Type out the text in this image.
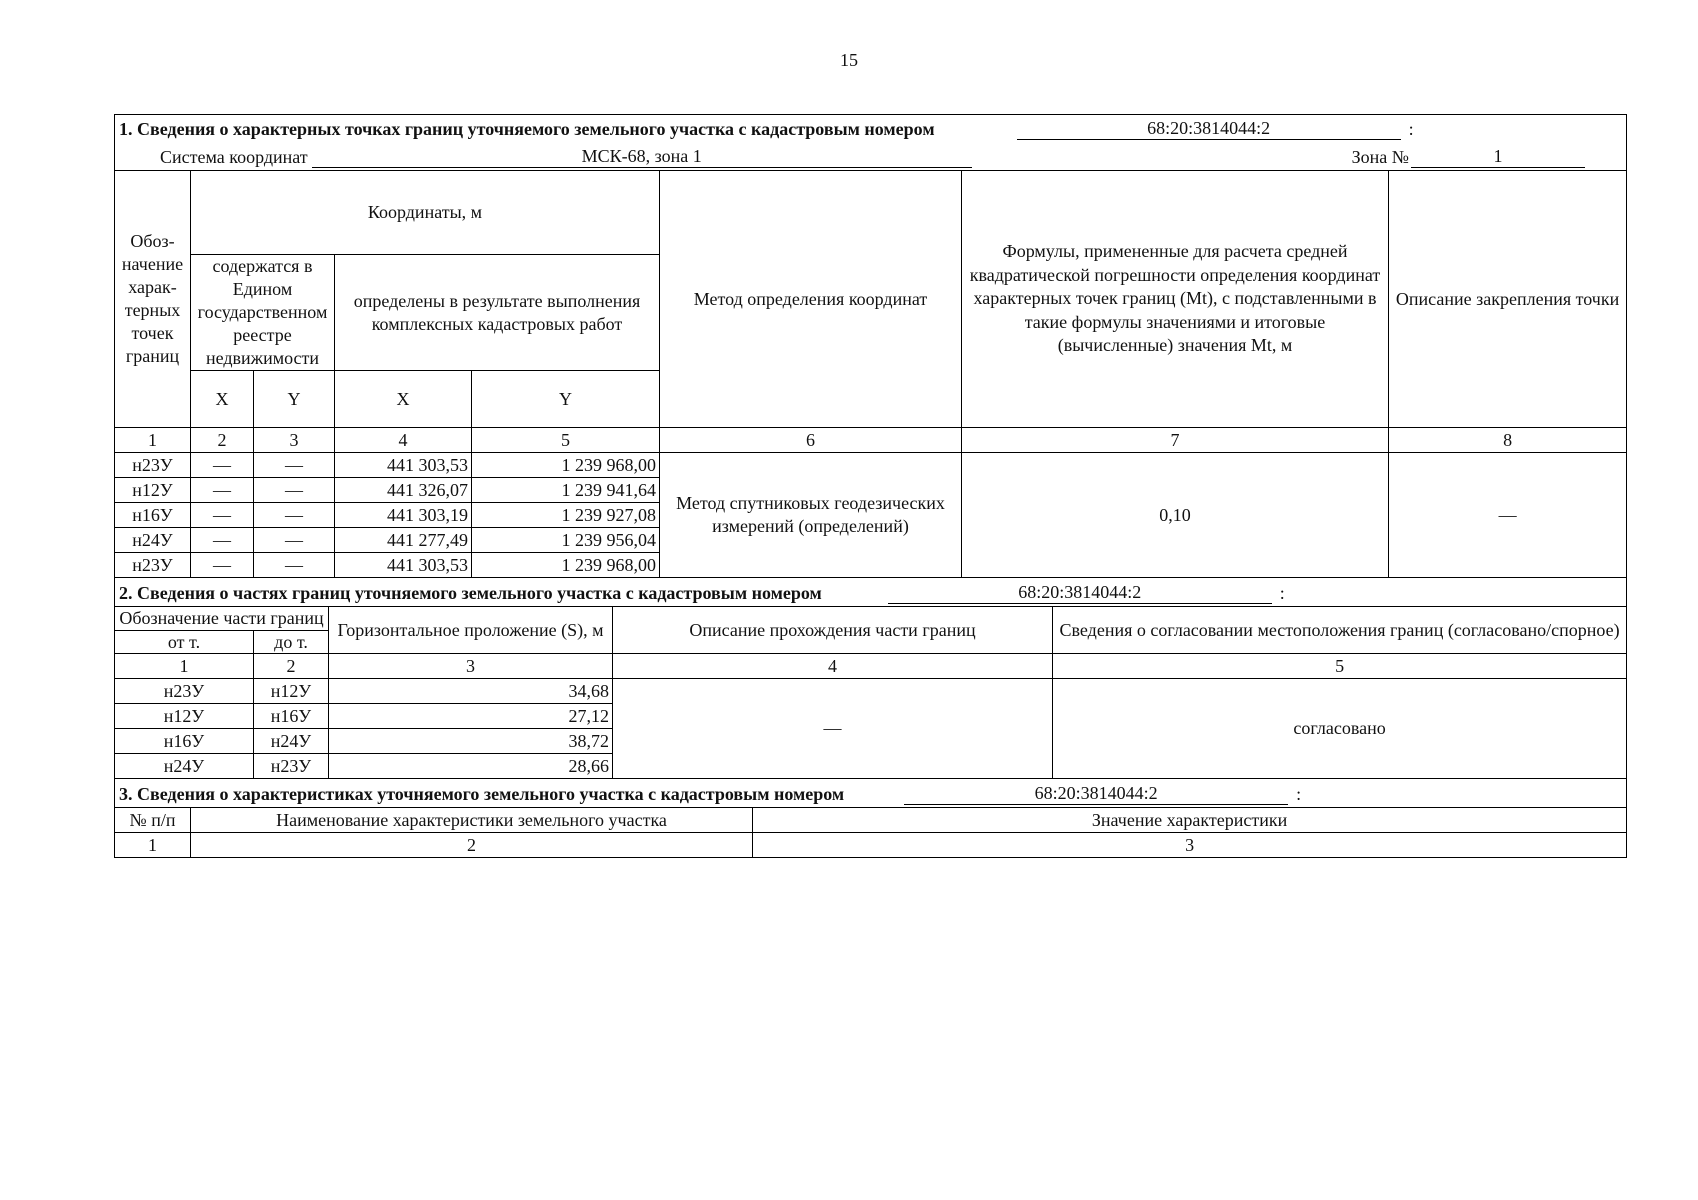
15
1. Сведения о характерных точках границ уточняемого земельного участка с кадастровым номером 68:20:3814044:2 :											

Система координат МСК-68, зона 1 Зона № 1											

Обоз-начение харак-терных точек границ	Координаты, м						Метод определения координат		Формулы, примененные для расчета средней квадратической погрешности определения координат характерных точек границ (Mt), с подставленными в такие формулы значениями и итоговые (вычисленные) значения Mt, м		Описание закрепления точки
	содержатся в Едином государственном реестре недвижимости			определены в результате выполнения комплексных кадастровых работ							
	X	Y		X	Y						
1	2	3		4	5		6		7		8
н23У	—	—		441 303,53	1 239 968,00		Метод спутниковых геодезических измерений (определений)		0,10		—
н12У	—	—		441 326,07	1 239 941,64						
н16У	—	—		441 303,19	1 239 927,08						
н24У	—	—		441 277,49	1 239 956,04						
н23У	—	—		441 303,53	1 239 968,00						

2. Сведения о частях границ уточняемого земельного участка с кадастровым номером 68:20:3814044:2 :											

Обозначение части границ			Горизонтальное проложение (S), м			Описание прохождения части границ				Сведения о согласовании местоположения границ (согласовано/спорное)	
от т.		до т.									
1		2	3			4				5	
н23У		н12У	34,68			—				согласовано	
н12У		н16У	27,12								
н16У		н24У	38,72								
н24У		н23У	28,66								

3. Сведения о характеристиках уточняемого земельного участка с кадастровым номером 68:20:3814044:2 :											

№ п/п	Наименование характеристики земельного участка							Значение характеристики			
1	2							3			
